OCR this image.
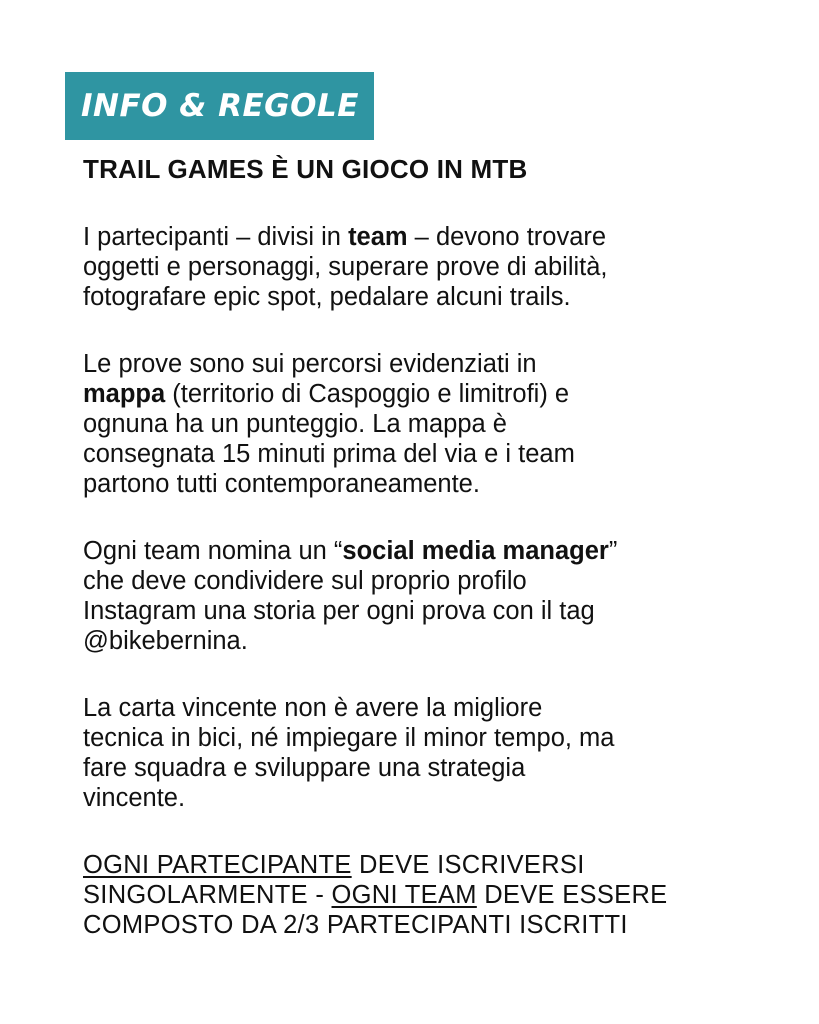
INFO & REGOLE
TRAIL GAMES È UN GIOCO IN MTB

I partecipanti – divisi in team – devono trovare
oggetti e personaggi, superare prove di abilità,
fotografare epic spot, pedalare alcuni trails.

Le prove sono sui percorsi evidenziati in
mappa (territorio di Caspoggio e limitrofi) e
ognuna ha un punteggio. La mappa è
consegnata 15 minuti prima del via e i team
partono tutti contemporaneamente.

Ogni team nomina un “social media manager”
che deve condividere sul proprio profilo
Instagram una storia per ogni prova con il tag
@bikebernina.

La carta vincente non è avere la migliore
tecnica in bici, né impiegare il minor tempo, ma
fare squadra e sviluppare una strategia
vincente.

OGNI PARTECIPANTE DEVE ISCRIVERSI
SINGOLARMENTE - OGNI TEAM DEVE ESSERE
COMPOSTO DA 2/3 PARTECIPANTI ISCRITTI
